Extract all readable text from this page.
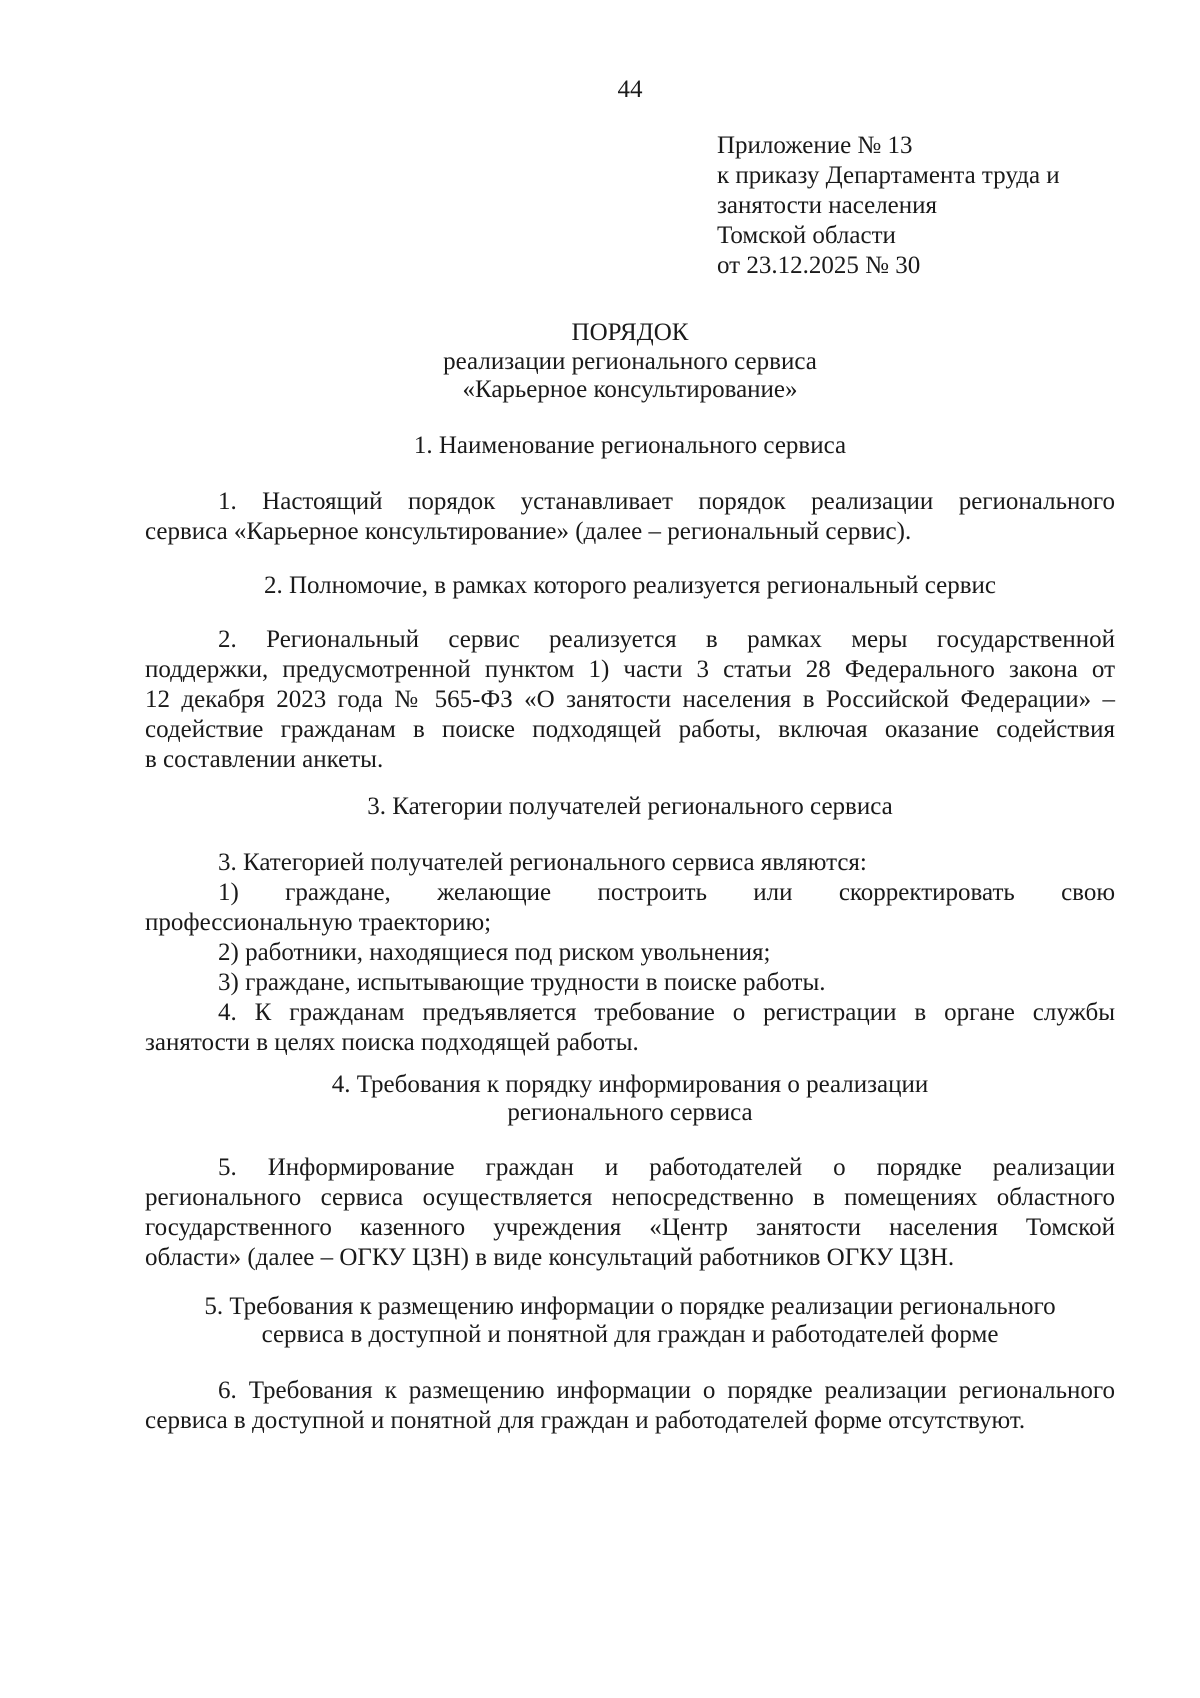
44
Приложение № 13
к приказу Департамента труда и
занятости населения
Томской области
от 23.12.2025 № 30
ПОРЯДОК
реализации регионального сервиса
«Карьерное консультирование»
1. Наименование регионального сервиса
1. Настоящий порядок устанавливает порядок реализации регионального
сервиса «Карьерное консультирование» (далее – региональный сервис).
2. Полномочие, в рамках которого реализуется региональный сервис
2. Региональный сервис реализуется в рамках меры государственной
поддержки, предусмотренной пунктом 1) части 3 статьи 28 Федерального закона от
12 декабря 2023 года № 565-ФЗ «О занятости населения в Российской Федерации» –
содействие гражданам в поиске подходящей работы, включая оказание содействия
в составлении анкеты.
3. Категории получателей регионального сервиса
3. Категорией получателей регионального сервиса являются:
1) граждане, желающие построить или скорректировать свою
профессиональную траекторию;
2) работники, находящиеся под риском увольнения;
3) граждане, испытывающие трудности в поиске работы.
4. К гражданам предъявляется требование о регистрации в органе службы
занятости в целях поиска подходящей работы.
4. Требования к порядку информирования о реализации
регионального сервиса
5. Информирование граждан и работодателей о порядке реализации
регионального сервиса осуществляется непосредственно в помещениях областного
государственного казенного учреждения «Центр занятости населения Томской
области» (далее – ОГКУ ЦЗН) в виде консультаций работников ОГКУ ЦЗН.
5. Требования к размещению информации о порядке реализации регионального
сервиса в доступной и понятной для граждан и работодателей форме
6. Требования к размещению информации о порядке реализации регионального
сервиса в доступной и понятной для граждан и работодателей форме отсутствуют.
